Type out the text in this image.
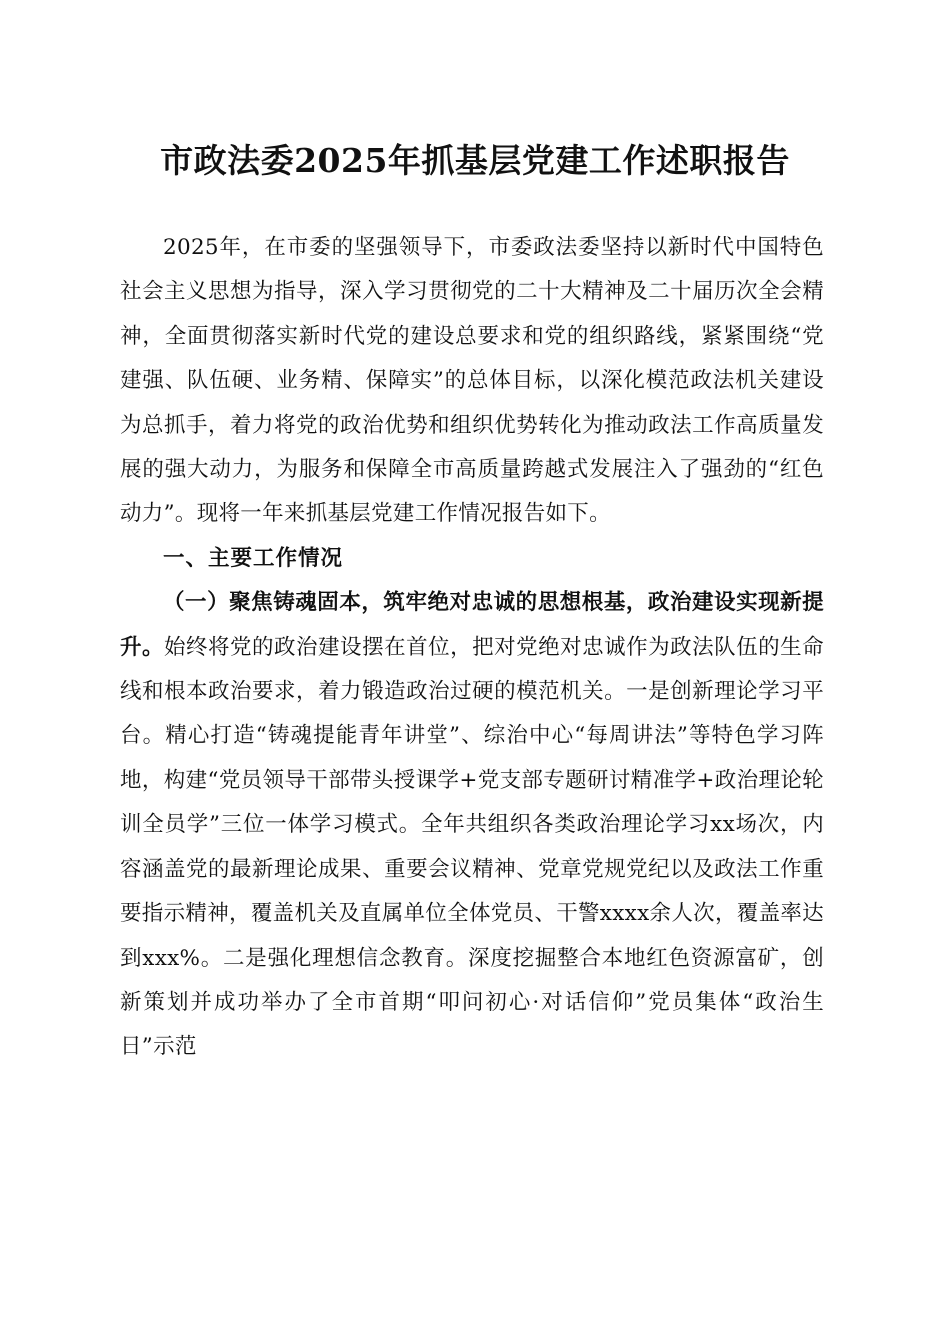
市政法委2025年抓基层党建工作述职报告

2025年，在市委的坚强领导下，市委政法委坚持以新时代中国特色社会主义思想为指导，深入学习贯彻党的二十大精神及二十届历次全会精神，全面贯彻落实新时代党的建设总要求和党的组织路线，紧紧围绕“党建强、队伍硬、业务精、保障实”的总体目标，以深化模范政法机关建设为总抓手，着力将党的政治优势和组织优势转化为推动政法工作高质量发展的强大动力，为服务和保障全市高质量跨越式发展注入了强劲的“红色动力”。现将一年来抓基层党建工作情况报告如下。

一、主要工作情况

（一）聚焦铸魂固本，筑牢绝对忠诚的思想根基，政治建设实现新提升。始终将党的政治建设摆在首位，把对党绝对忠诚作为政法队伍的生命线和根本政治要求，着力锻造政治过硬的模范机关。一是创新理论学习平台。精心打造“铸魂提能青年讲堂”、综治中心“每周讲法”等特色学习阵地，构建“党员领导干部带头授课学+党支部专题研讨精准学+政治理论轮训全员学”三位一体学习模式。全年共组织各类政治理论学习xx场次，内容涵盖党的最新理论成果、重要会议精神、党章党规党纪以及政法工作重要指示精神，覆盖机关及直属单位全体党员、干警xxxx余人次，覆盖率达到xxx%。二是强化理想信念教育。深度挖掘整合本地红色资源富矿，创新策划并成功举办了全市首期“叩问初心·对话信仰”党员集体“政治生日”示范
